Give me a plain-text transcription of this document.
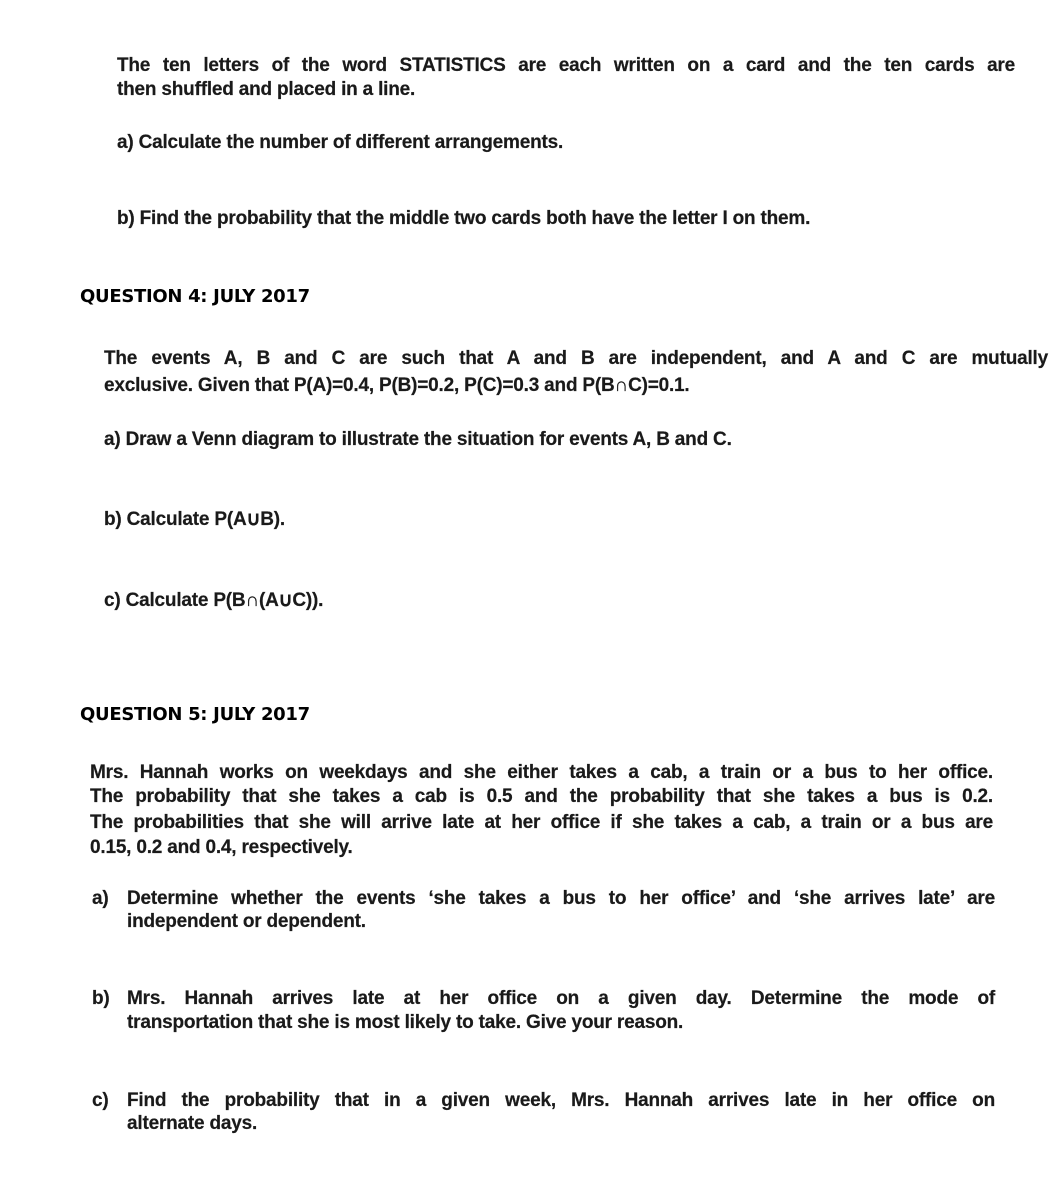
The ten letters of the word STATISTICS are each written on a card and the ten cards are
then shuffled and placed in a line.
a) Calculate the number of different arrangements.
b) Find the probability that the middle two cards both have the letter I on them.
QUESTION 4: JULY 2017
The events A, B and C are such that A and B are independent, and A and C are mutually
exclusive. Given that P(A)=0.4, P(B)=0.2, P(C)=0.3 and P(B∩C)=0.1.
a) Draw a Venn diagram to illustrate the situation for events A, B and C.
b) Calculate P(A∪B).
c) Calculate P(B∩(A∪C)).
QUESTION 5: JULY 2017
Mrs. Hannah works on weekdays and she either takes a cab, a train or a bus to her office.
The probability that she takes a cab is 0.5 and the probability that she takes a bus is 0.2.
The probabilities that she will arrive late at her office if she takes a cab, a train or a bus are
0.15, 0.2 and 0.4, respectively.
a) Determine whether the events ‘she takes a bus to her office’ and ‘she arrives late’ are
independent or dependent.
b) Mrs. Hannah arrives late at her office on a given day. Determine the mode of
transportation that she is most likely to take. Give your reason.
c) Find the probability that in a given week, Mrs. Hannah arrives late in her office on
alternate days.
